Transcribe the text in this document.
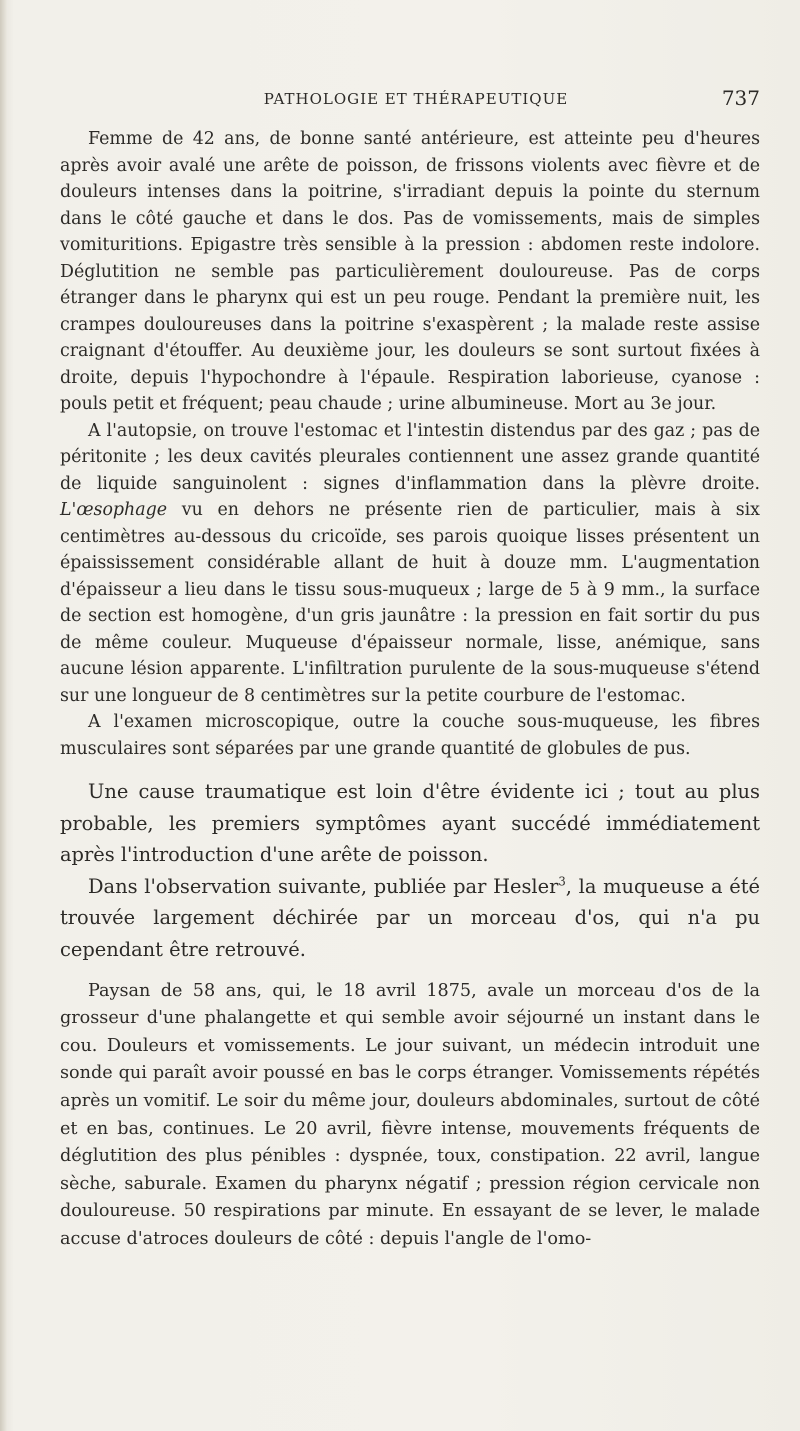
PATHOLOGIE ET THÉRAPEUTIQUE	737

Femme de 42 ans, de bonne santé antérieure, est atteinte peu d'heures après avoir avalé une arête de poisson, de frissons violents avec fièvre et de douleurs intenses dans la poitrine, s'irradiant depuis la pointe du sternum dans le côté gauche et dans le dos. Pas de vomissements, mais de simples vomituritions. Epigastre très sensible à la pression : abdomen reste indolore. Déglutition ne semble pas particulièrement douloureuse. Pas de corps étranger dans le pharynx qui est un peu rouge. Pendant la première nuit, les crampes douloureuses dans la poitrine s'exaspèrent ; la malade reste assise craignant d'étouffer. Au deuxième jour, les douleurs se sont surtout fixées à droite, depuis l'hypochondre à l'épaule. Respiration laborieuse, cyanose : pouls petit et fréquent; peau chaude ; urine albumineuse. Mort au 3e jour.

A l'autopsie, on trouve l'estomac et l'intestin distendus par des gaz ; pas de péritonite ; les deux cavités pleurales contiennent une assez grande quantité de liquide sanguinolent : signes d'inflammation dans la plèvre droite. L'œsophage vu en dehors ne présente rien de particulier, mais à six centimètres au-dessous du cricoïde, ses parois quoique lisses présentent un épaississement considérable allant de huit à douze mm. L'augmentation d'épaisseur a lieu dans le tissu sous-muqueux ; large de 5 à 9 mm., la surface de section est homogène, d'un gris jaunâtre : la pression en fait sortir du pus de même couleur. Muqueuse d'épaisseur normale, lisse, anémique, sans aucune lésion apparente. L'infiltration purulente de la sous-muqueuse s'étend sur une longueur de 8 centimètres sur la petite courbure de l'estomac.

A l'examen microscopique, outre la couche sous-muqueuse, les fibres musculaires sont séparées par une grande quantité de globules de pus.

Une cause traumatique est loin d'être évidente ici ; tout au plus probable, les premiers symptômes ayant succédé immédiatement après l'introduction d'une arête de poisson.

Dans l'observation suivante, publiée par Hesler$^3$, la muqueuse a été trouvée largement déchirée par un morceau d'os, qui n'a pu cependant être retrouvé.

Paysan de 58 ans, qui, le 18 avril 1875, avale un morceau d'os de la grosseur d'une phalangette et qui semble avoir séjourné un instant dans le cou. Douleurs et vomissements. Le jour suivant, un médecin introduit une sonde qui paraît avoir poussé en bas le corps étranger. Vomissements répétés après un vomitif. Le soir du même jour, douleurs abdominales, surtout de côté et en bas, continues. Le 20 avril, fièvre intense, mouvements fréquents de déglutition des plus pénibles : dyspnée, toux, constipation. 22 avril, langue sèche, saburale. Examen du pharynx négatif ; pression région cervicale non douloureuse. 50 respirations par minute. En essayant de se lever, le malade accuse d'atroces douleurs de côté : depuis l'angle de l'omo-
